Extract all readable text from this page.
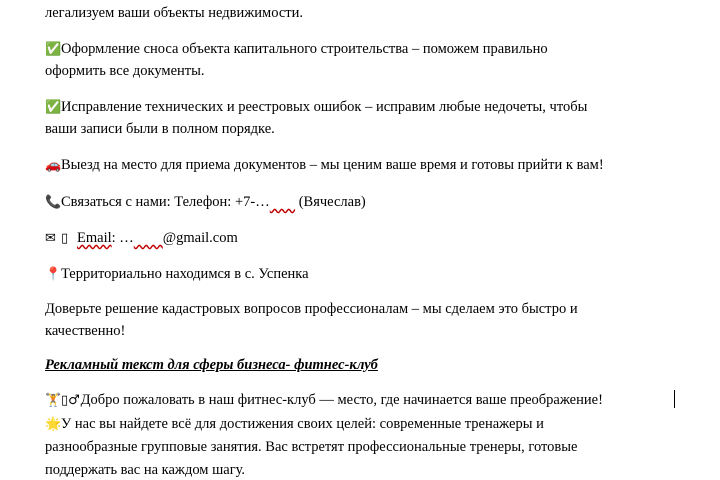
легализуем ваши объекты недвижимости.
✅Оформление сноса объекта капитального строительства – поможем правильно
оформить все документы.
✅Исправление технических и реестровых ошибок – исправим любые недочеты, чтобы
ваши записи были в полном порядке.
🚗Выезд на место для приема документов – мы ценим ваше время и готовы прийти к вам!
📞Связаться с нами: Телефон: +7-…        (Вячеслав)
✉ ▯ Email: … @gmail.com
📍Территориально находимся в с. Успенка
Доверьте решение кадастровых вопросов профессионалам – мы сделаем это быстро и
качественно!
Рекламный текст для сферы бизнеса- фитнес-клуб
🏋▯♂ Добро пожаловать в наш фитнес-клуб — место, где начинается ваше преображение!
🌟У нас вы найдете всё для достижения своих целей: современные тренажеры и
разнообразные групповые занятия. Вас встретят профессиональные тренеры, готовые
поддержать вас на каждом шагу.
